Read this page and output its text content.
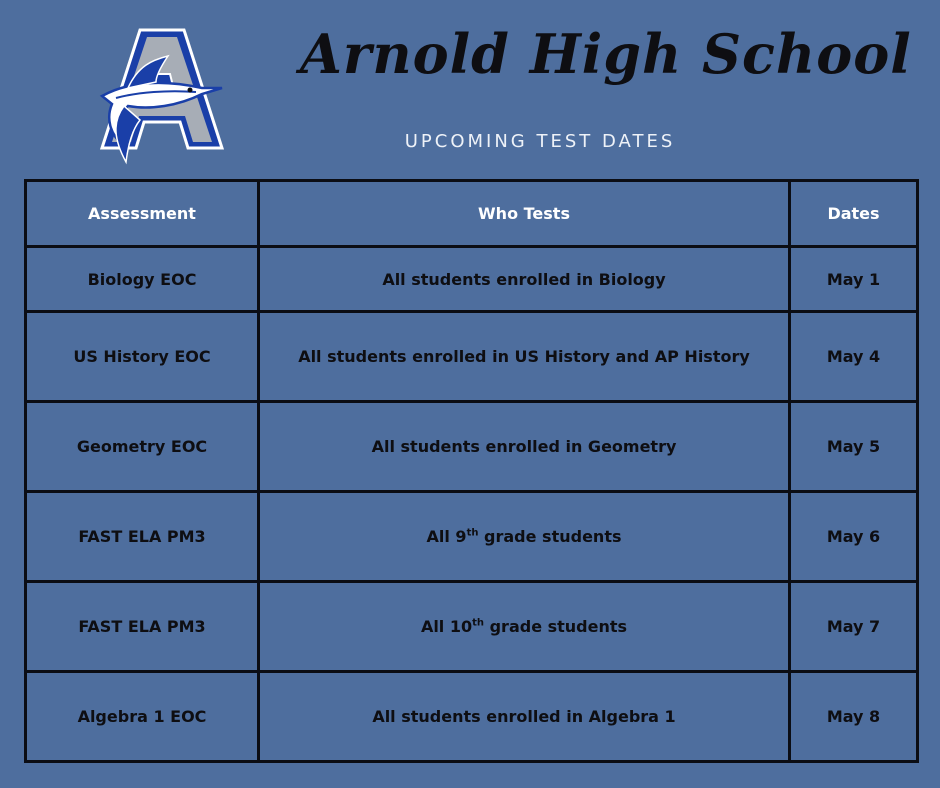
Arnold High School
UPCOMING TEST DATES
Assessment	Who Tests	Dates
Biology EOC	All students enrolled in Biology	May 1
US History EOC	All students enrolled in US History and AP History	May 4
Geometry EOC	All students enrolled in Geometry	May 5
FAST ELA PM3	All 9th grade students	May 6
FAST ELA PM3	All 10th grade students	May 7
Algebra 1 EOC	All students enrolled in Algebra 1	May 8
